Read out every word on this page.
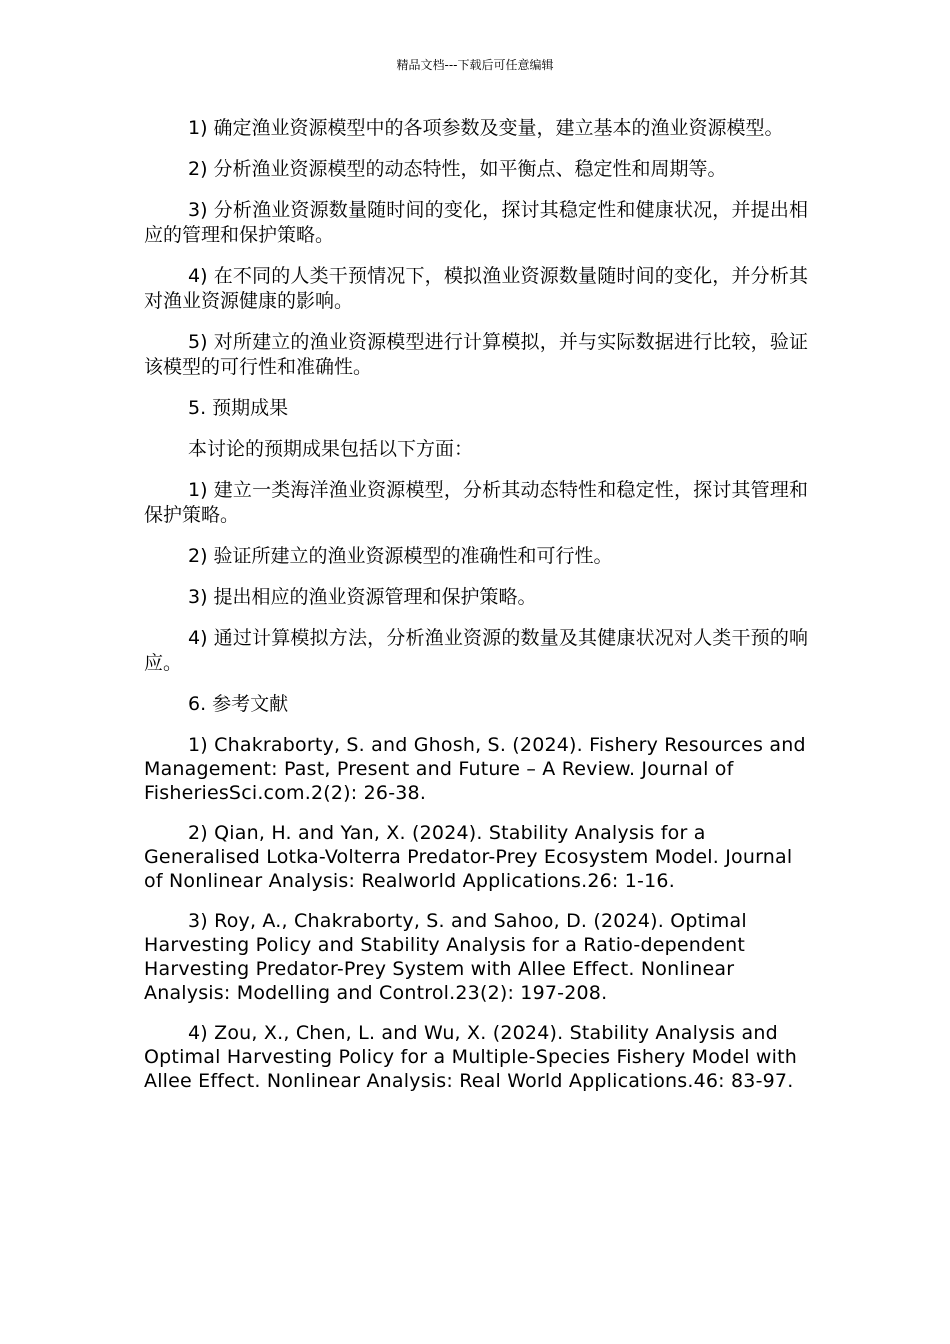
精品文档---下载后可任意编辑

1) 确定渔业资源模型中的各项参数及变量，建立基本的渔业资源模型。

2) 分析渔业资源模型的动态特性，如平衡点、稳定性和周期等。

3) 分析渔业资源数量随时间的变化，探讨其稳定性和健康状况，并提出相应的管理和保护策略。

4) 在不同的人类干预情况下，模拟渔业资源数量随时间的变化，并分析其对渔业资源健康的影响。

5) 对所建立的渔业资源模型进行计算模拟，并与实际数据进行比较，验证该模型的可行性和准确性。

5. 预期成果

本讨论的预期成果包括以下方面：

1) 建立一类海洋渔业资源模型，分析其动态特性和稳定性，探讨其管理和保护策略。

2) 验证所建立的渔业资源模型的准确性和可行性。

3) 提出相应的渔业资源管理和保护策略。

4) 通过计算模拟方法，分析渔业资源的数量及其健康状况对人类干预的响应。

6. 参考文献

1) Chakraborty, S. and Ghosh, S. (2024). Fishery Resources and Management: Past, Present and Future – A Review. Journal of FisheriesSci.com.2(2): 26-38.

2) Qian, H. and Yan, X. (2024). Stability Analysis for a Generalised Lotka-Volterra Predator-Prey Ecosystem Model. Journal of Nonlinear Analysis: Realworld Applications.26: 1-16.

3) Roy, A., Chakraborty, S. and Sahoo, D. (2024). Optimal Harvesting Policy and Stability Analysis for a Ratio-dependent Harvesting Predator-Prey System with Allee Effect. Nonlinear Analysis: Modelling and Control.23(2): 197-208.

4) Zou, X., Chen, L. and Wu, X. (2024). Stability Analysis and Optimal Harvesting Policy for a Multiple-Species Fishery Model with Allee Effect. Nonlinear Analysis: Real World Applications.46: 83-97.
